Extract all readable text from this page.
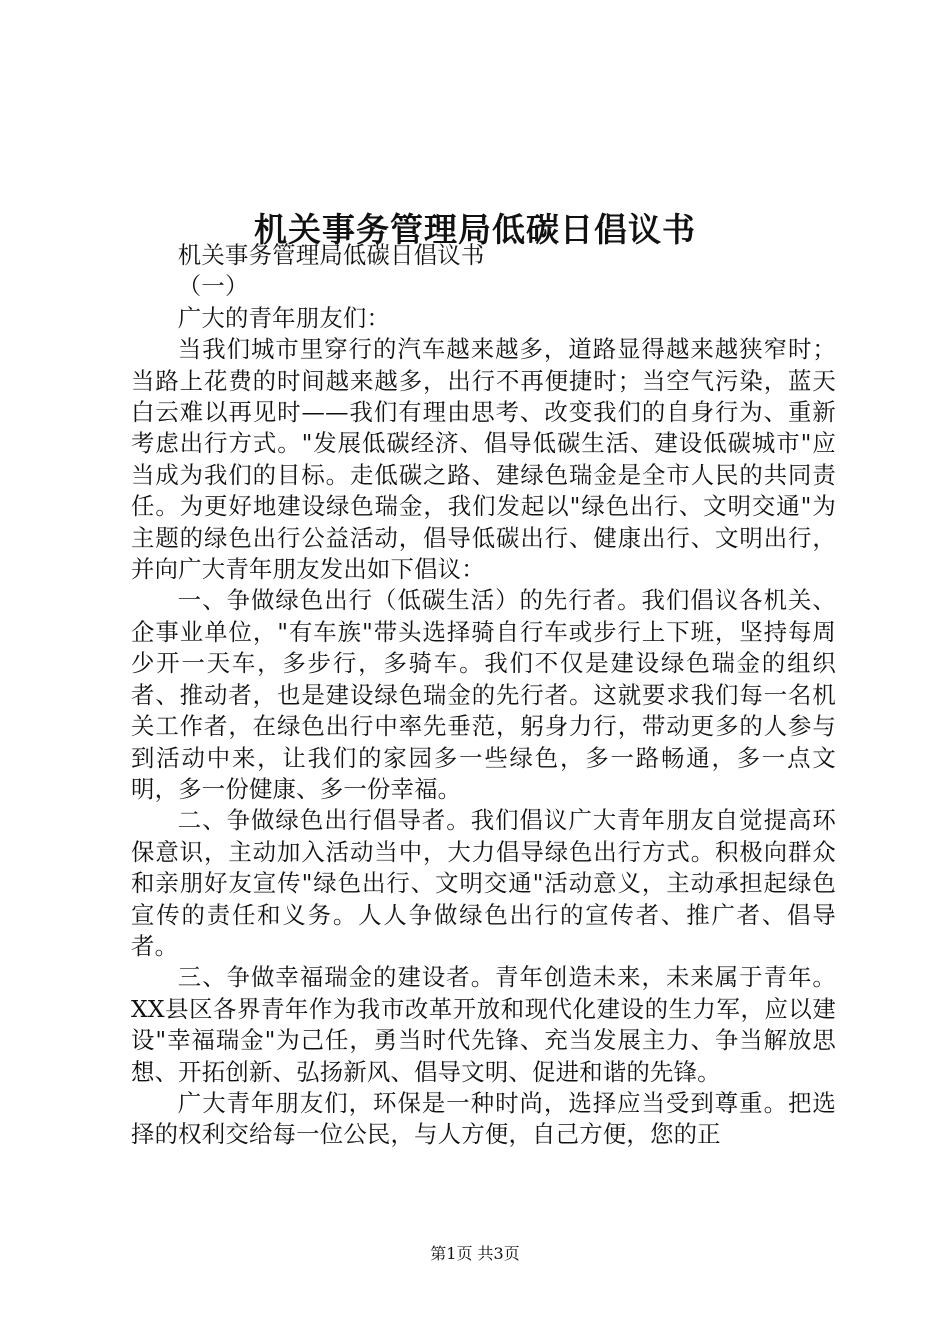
机关事务管理局低碳日倡议书

机关事务管理局低碳日倡议书

（一）

广大的青年朋友们：

当我们城市里穿行的汽车越来越多，道路显得越来越狭窄时；当路上花费的时间越来越多，出行不再便捷时；当空气污染，蓝天白云难以再见时——我们有理由思考、改变我们的自身行为、重新考虑出行方式。"发展低碳经济、倡导低碳生活、建设低碳城市"应当成为我们的目标。走低碳之路、建绿色瑞金是全市人民的共同责任。为更好地建设绿色瑞金，我们发起以"绿色出行、文明交通"为主题的绿色出行公益活动，倡导低碳出行、健康出行、文明出行，并向广大青年朋友发出如下倡议：

一、争做绿色出行（低碳生活）的先行者。我们倡议各机关、企事业单位，"有车族"带头选择骑自行车或步行上下班，坚持每周少开一天车，多步行，多骑车。我们不仅是建设绿色瑞金的组织者、推动者，也是建设绿色瑞金的先行者。这就要求我们每一名机关工作者，在绿色出行中率先垂范，躬身力行，带动更多的人参与到活动中来，让我们的家园多一些绿色，多一路畅通，多一点文明，多一份健康、多一份幸福。

二、争做绿色出行倡导者。我们倡议广大青年朋友自觉提高环保意识，主动加入活动当中，大力倡导绿色出行方式。积极向群众和亲朋好友宣传"绿色出行、文明交通"活动意义，主动承担起绿色宣传的责任和义务。人人争做绿色出行的宣传者、推广者、倡导者。

三、争做幸福瑞金的建设者。青年创造未来，未来属于青年。XX县区各界青年作为我市改革开放和现代化建设的生力军，应以建设"幸福瑞金"为己任，勇当时代先锋、充当发展主力、争当解放思想、开拓创新、弘扬新风、倡导文明、促进和谐的先锋。

广大青年朋友们，环保是一种时尚，选择应当受到尊重。把选择的权利交给每一位公民，与人方便，自己方便，您的正

第1页 共3页
